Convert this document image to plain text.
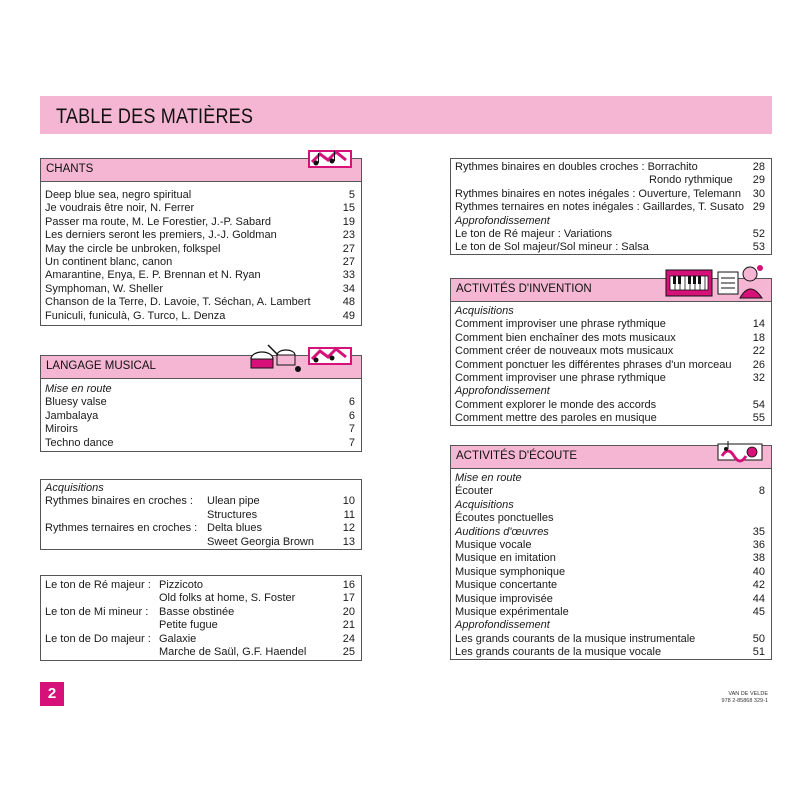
TABLE DES MATIÈRES
CHANTS
Deep blue sea, negro spiritual	5
Je voudrais être noir, N. Ferrer	15
Passer ma route, M. Le Forestier, J.-P. Sabard	19
Les derniers seront les premiers, J.-J. Goldman	23
May the circle be unbroken, folkspel	27
Un continent blanc, canon	27
Amarantine, Enya, E. P. Brennan et N. Ryan	33
Symphoman, W. Sheller	34
Chanson de la Terre, D. Lavoie, T. Séchan, A. Lambert	48
Funiculi, funiculà, G. Turco, L. Denza	49
LANGAGE MUSICAL
Mise en route
Bluesy valse	6
Jambalaya	6
Miroirs	7
Techno dance	7
Acquisitions
Rythmes binaires en croches : Ulean pipe	10
Structures	11
Rythmes ternaires en croches : Delta blues	12
Sweet Georgia Brown	13
Le ton de Ré majeur : Pizzicoto	16
Old folks at home, S. Foster	17
Le ton de Mi mineur : Basse obstinée	20
Petite fugue	21
Le ton de Do majeur : Galaxie	24
Marche de Saül, G.F. Haendel	25
Rythmes binaires en doubles croches : Borrachito	28
Rondo rythmique 29
Rythmes binaires en notes inégales : Ouverture, Telemann 30
Rythmes ternaires en notes inégales : Gaillardes, T. Susato 29
Approfondissement
Le ton de Ré majeur : Variations	52
Le ton de Sol majeur/Sol mineur : Salsa	53
ACTIVITÉS D'INVENTION
Acquisitions
Comment improviser une phrase rythmique	14
Comment bien enchaîner des mots musicaux	18
Comment créer de nouveaux mots musicaux	22
Comment ponctuer les différentes phrases d'un morceau 26
Comment improviser une phrase rythmique	32
Approfondissement
Comment explorer le monde des accords	54
Comment mettre des paroles en musique	55
ACTIVITÉS D'ÉCOUTE
Mise en route
Écouter	8
Acquisitions
Écoutes ponctuelles
Auditions d'œuvres	35
Musique vocale	36
Musique en imitation	38
Musique symphonique	40
Musique concertante	42
Musique improvisée	44
Musique expérimentale	45
Approfondissement
Les grands courants de la musique instrumentale	50
Les grands courants de la musique vocale	51
2	VAN DE VELDE
978 2-85868 329-1
